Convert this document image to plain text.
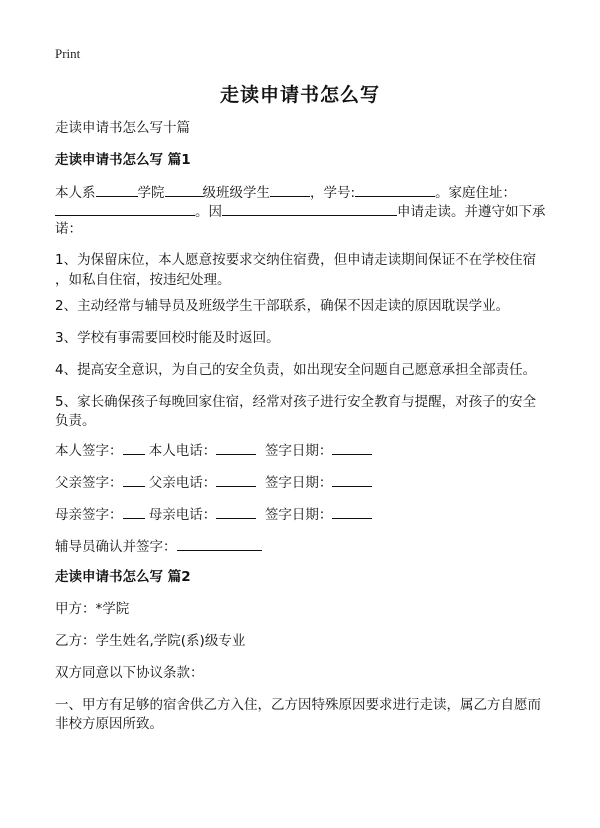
Print
走读申请书怎么写
走读申请书怎么写十篇
走读申请书怎么写 篇1
本人系	学院	级班级学生	，学号:	。家庭住址：
。因	申请走读。并遵守如下承
诺：
1、为保留床位，本人愿意按要求交纳住宿费，但申请走读期间保证不在学校住宿
，如私自住宿，按违纪处理。
2、主动经常与辅导员及班级学生干部联系，确保不因走读的原因耽误学业。
3、学校有事需要回校时能及时返回。
4、提高安全意识，为自己的安全负责，如出现安全问题自己愿意承担全部责任。
5、家长确保孩子每晚回家住宿，经常对孩子进行安全教育与提醒，对孩子的安全
负责。
本人签字： 本人电话：	签字日期：
父亲签字： 父亲电话：	签字日期：
母亲签字： 母亲电话：	签字日期：
辅导员确认并签字：
走读申请书怎么写 篇2
甲方：*学院
乙方：学生姓名,学院(系)级专业
双方同意以下协议条款：
一、甲方有足够的宿舍供乙方入住，乙方因特殊原因要求进行走读，属乙方自愿而
非校方原因所致。
